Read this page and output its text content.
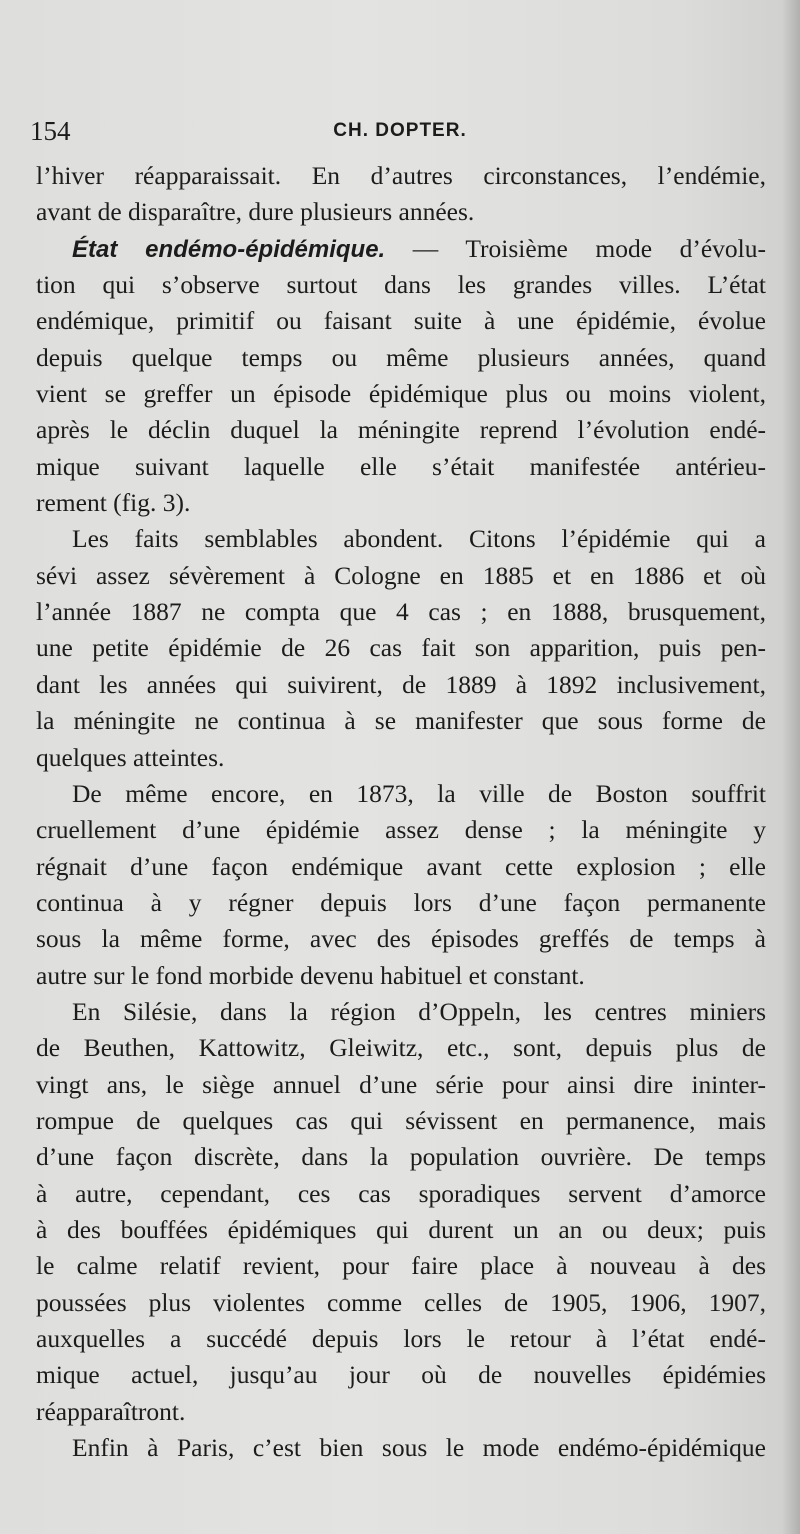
154	CH. DOPTER.
l’hiver réapparaissait. En d’autres circonstances, l’endémie,
avant de disparaître, dure plusieurs années.
État endémo-épidémique. — Troisième mode d’évolu-
tion qui s’observe surtout dans les grandes villes. L’état
endémique, primitif ou faisant suite à une épidémie, évolue
depuis quelque temps ou même plusieurs années, quand
vient se greffer un épisode épidémique plus ou moins violent,
après le déclin duquel la méningite reprend l’évolution endé-
mique suivant laquelle elle s’était manifestée antérieu-
rement (fig. 3).
Les faits semblables abondent. Citons l’épidémie qui a
sévi assez sévèrement à Cologne en 1885 et en 1886 et où
l’année 1887 ne compta que 4 cas ; en 1888, brusquement,
une petite épidémie de 26 cas fait son apparition, puis pen-
dant les années qui suivirent, de 1889 à 1892 inclusivement,
la méningite ne continua à se manifester que sous forme de
quelques atteintes.
De même encore, en 1873, la ville de Boston souffrit
cruellement d’une épidémie assez dense ; la méningite y
régnait d’une façon endémique avant cette explosion ; elle
continua à y régner depuis lors d’une façon permanente
sous la même forme, avec des épisodes greffés de temps à
autre sur le fond morbide devenu habituel et constant.
En Silésie, dans la région d’Oppeln, les centres miniers
de Beuthen, Kattowitz, Gleiwitz, etc., sont, depuis plus de
vingt ans, le siège annuel d’une série pour ainsi dire ininter-
rompue de quelques cas qui sévissent en permanence, mais
d’une façon discrète, dans la population ouvrière. De temps
à autre, cependant, ces cas sporadiques servent d’amorce
à des bouffées épidémiques qui durent un an ou deux; puis
le calme relatif revient, pour faire place à nouveau à des
poussées plus violentes comme celles de 1905, 1906, 1907,
auxquelles a succédé depuis lors le retour à l’état endé-
mique actuel, jusqu’au jour où de nouvelles épidémies
réapparaîtront.
Enfin à Paris, c’est bien sous le mode endémo-épidémique
